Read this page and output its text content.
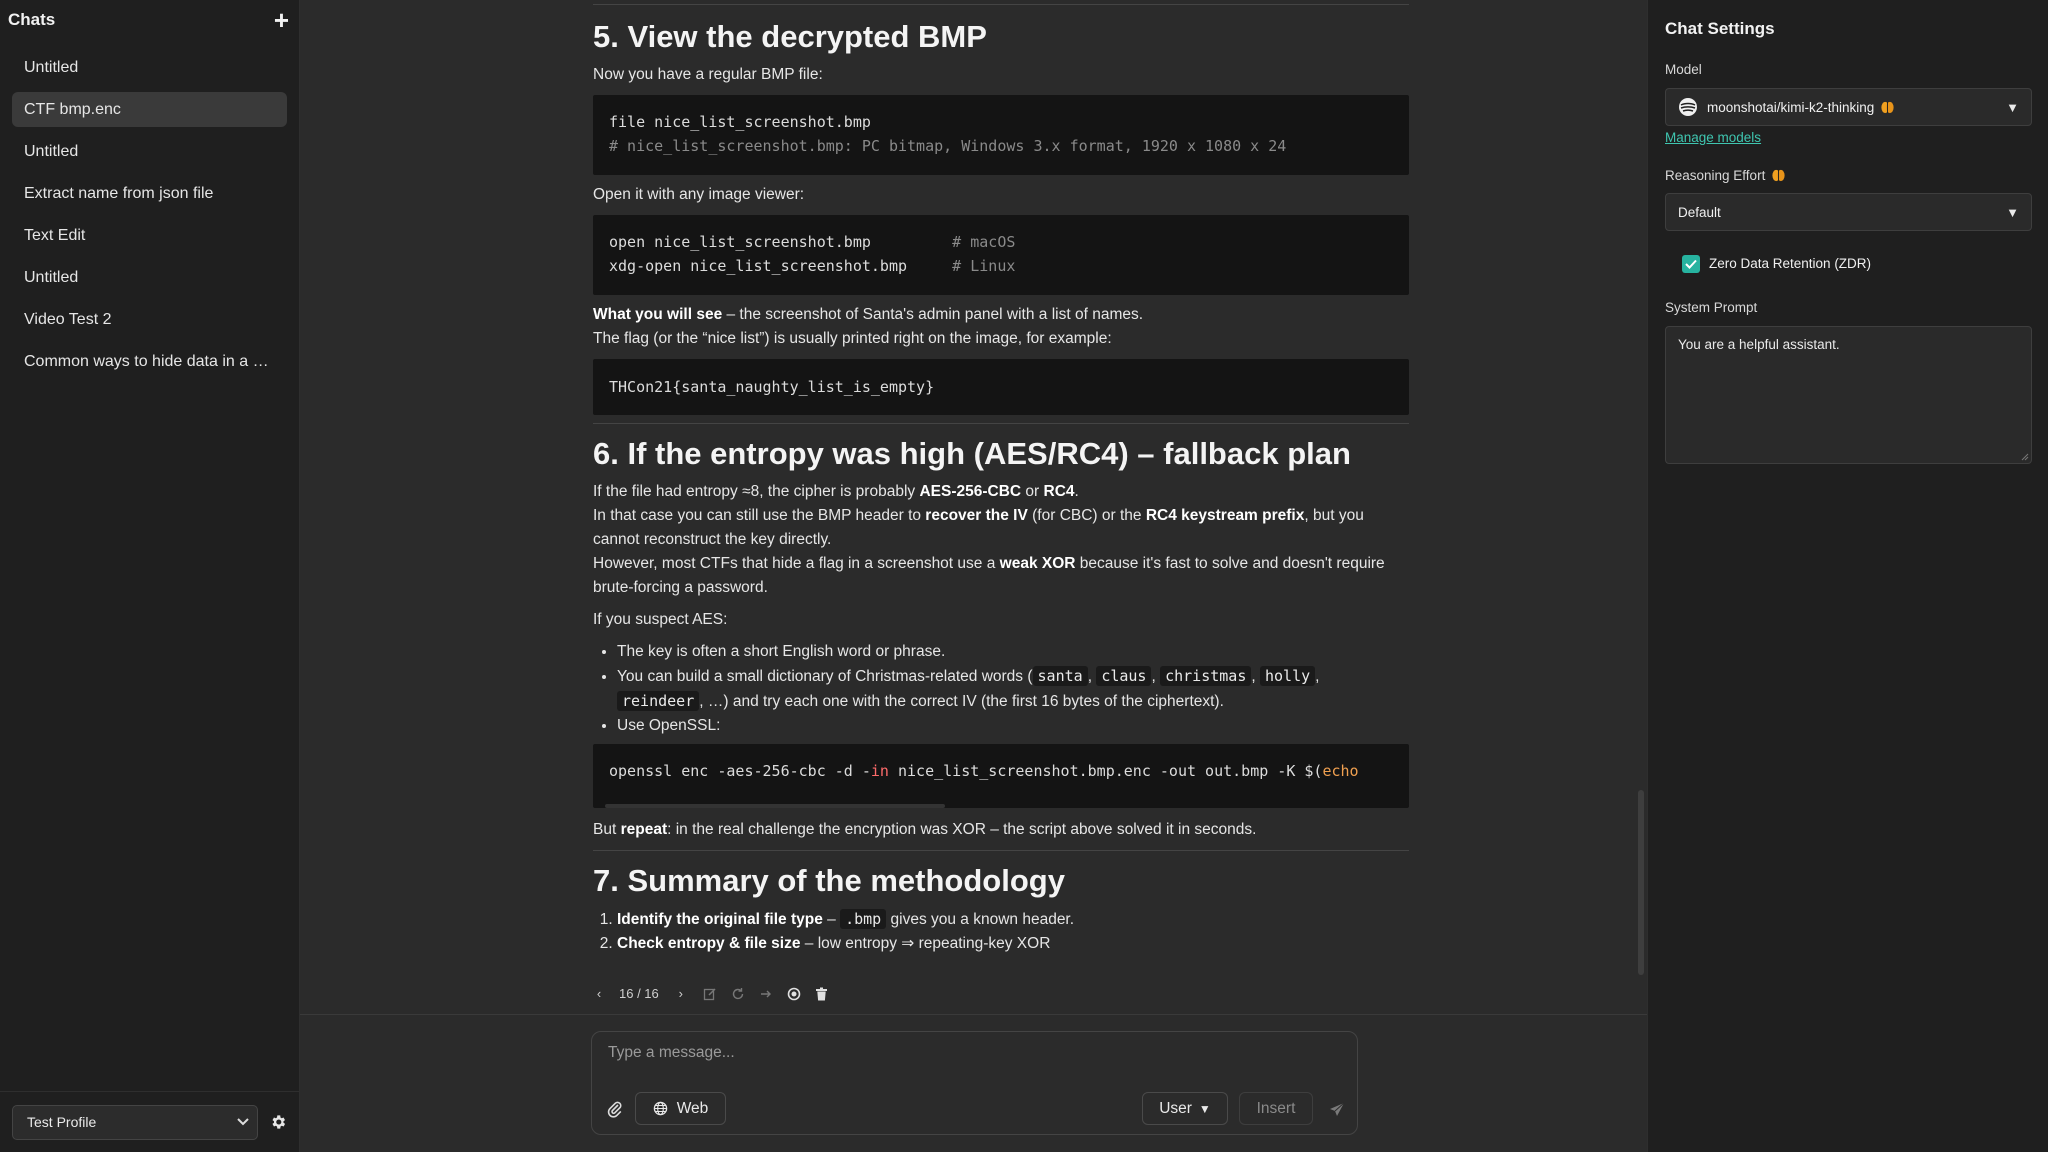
Chats	+
Untitled
CTF bmp.enc
Untitled
Extract name from json file
Text Edit
Untitled
Video Test 2
Common ways to hide data in a …
Test Profile
5. View the decrypted BMP

Now you have a regular BMP file:

file nice_list_screenshot.bmp
# nice_list_screenshot.bmp: PC bitmap, Windows 3.x format, 1920 x 1080 x 24

Open it with any image viewer:

open nice_list_screenshot.bmp         # macOS
xdg-open nice_list_screenshot.bmp     # Linux

What you will see – the screenshot of Santa's admin panel with a list of names.

The flag (or the “nice list”) is usually printed right on the image, for example:

THCon21{santa_naughty_list_is_empty}
6. If the entropy was high (AES/RC4) – fallback plan

If the file had entropy ≈8, the cipher is probably AES-256-CBC or RC4.

In that case you can still use the BMP header to recover the IV (for CBC) or the RC4 keystream prefix, but you cannot reconstruct the key directly.

However, most CTFs that hide a flag in a screenshot use a weak XOR because it's fast to solve and doesn't require brute-forcing a password.

If you suspect AES:

• The key is often a short English word or phrase.
• You can build a small dictionary of Christmas-related words ( santa , claus , christmas , holly , reindeer , …) and try each one with the correct IV (the first 16 bytes of the ciphertext).
• Use OpenSSL:
openssl enc -aes-256-cbc -d -in nice_list_screenshot.bmp.enc -out out.bmp -K $(echo

But repeat: in the real challenge the encryption was XOR – the script above solved it in seconds.

7. Summary of the methodology
1. Identify the original file type – .bmp gives you a known header.
2. Check entropy & file size – low entropy ⇒ repeating-key XOR
‹ 16 / 16 ›
Type a message...
Web	User ▼	Insert
Chat Settings
Model
moonshotai/kimi-k2-thinking	▼
Manage models
Reasoning Effort
Default	▼
Zero Data Retention (ZDR)
System Prompt
You are a helpful assistant.
